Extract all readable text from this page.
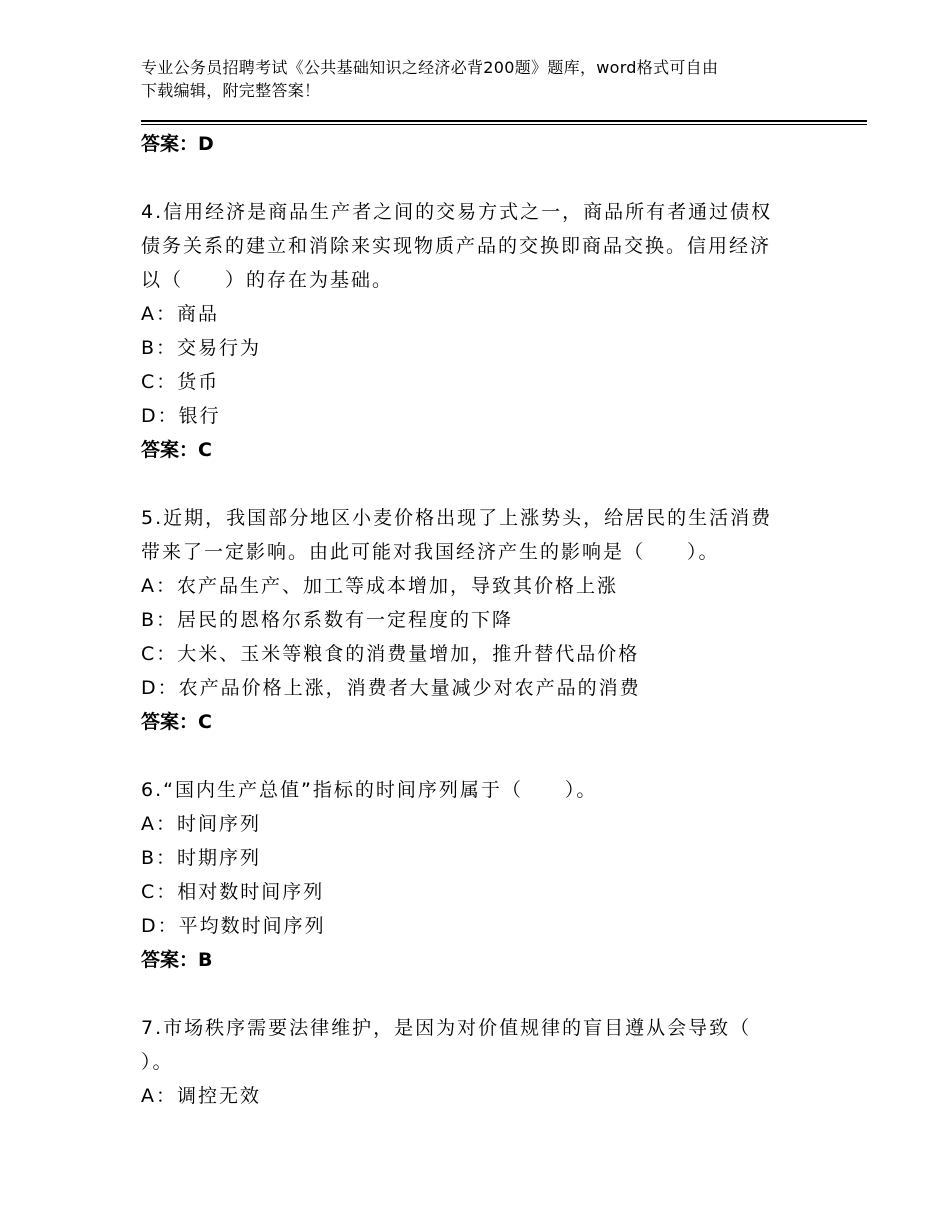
专业公务员招聘考试《公共基础知识之经济必背200题》题库，word格式可自由
下载编辑，附完整答案！
答案：D
4.信用经济是商品生产者之间的交易方式之一，商品所有者通过债权
债务关系的建立和消除来实现物质产品的交换即商品交换。信用经济
以（　　）的存在为基础。
A：商品
B：交易行为
C：货币
D：银行
答案：C
5.近期，我国部分地区小麦价格出现了上涨势头，给居民的生活消费
带来了一定影响。由此可能对我国经济产生的影响是（　　）。
A：农产品生产、加工等成本增加，导致其价格上涨
B：居民的恩格尔系数有一定程度的下降
C：大米、玉米等粮食的消费量增加，推升替代品价格
D：农产品价格上涨，消费者大量减少对农产品的消费
答案：C
6.“国内生产总值”指标的时间序列属于（　　）。
A：时间序列
B：时期序列
C：相对数时间序列
D：平均数时间序列
答案：B
7.市场秩序需要法律维护，是因为对价值规律的盲目遵从会导致（
）。
A：调控无效
